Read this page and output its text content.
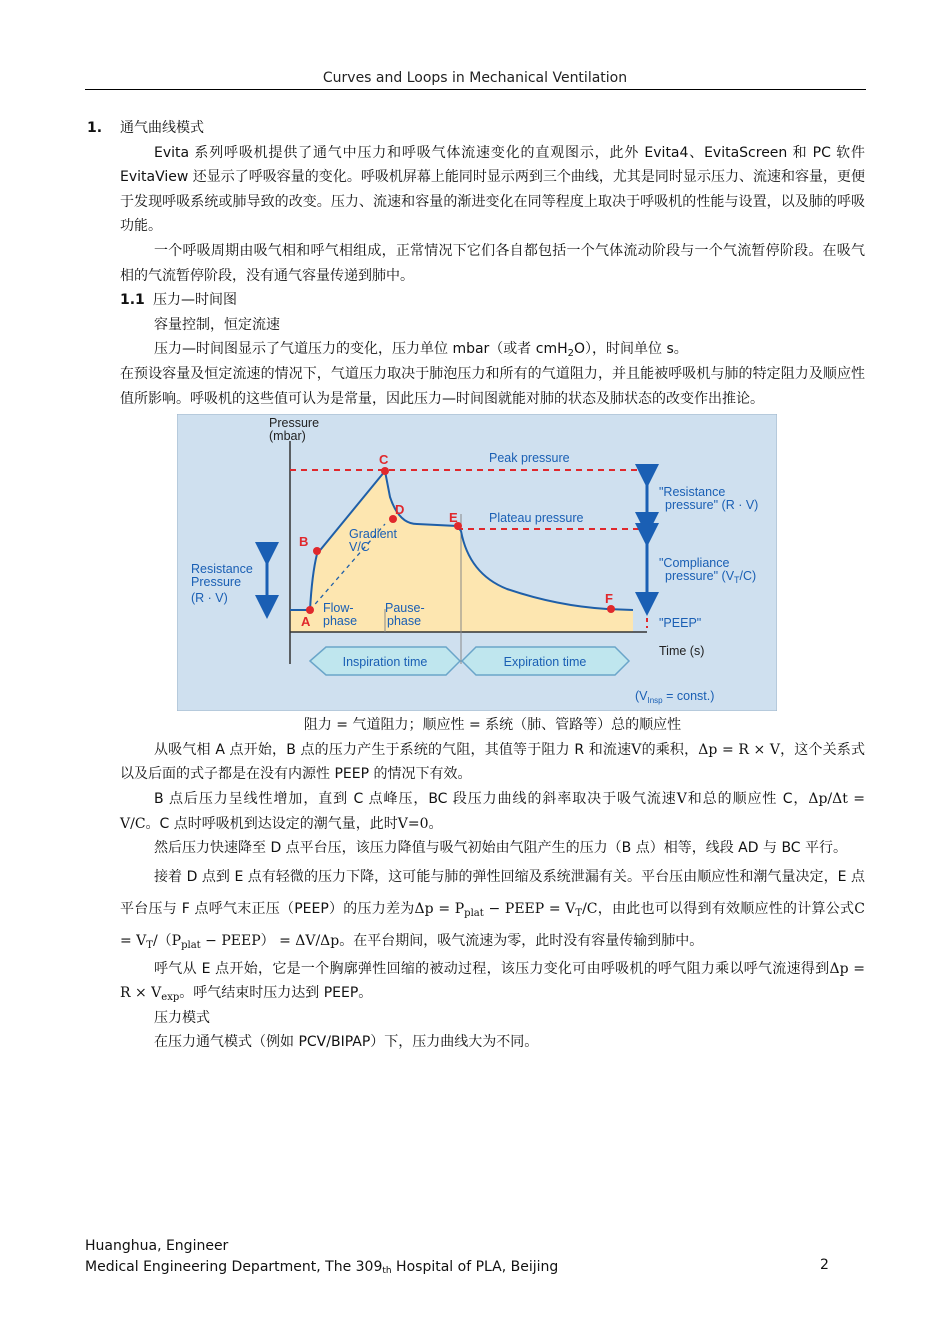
Curves and Loops in Mechanical Ventilation

1. 通气曲线模式

Evita 系列呼吸机提供了通气中压力和呼吸气体流速变化的直观图示，此外 Evita4、EvitaScreen 和 PC 软件 EvitaView 还显示了呼吸容量的变化。呼吸机屏幕上能同时显示两到三个曲线，尤其是同时显示压力、流速和容量，更便于发现呼吸系统或肺导致的改变。压力、流速和容量的渐进变化在同等程度上取决于呼吸机的性能与设置，以及肺的呼吸功能。

一个呼吸周期由吸气相和呼气相组成，正常情况下它们各自都包括一个气体流动阶段与一个气流暂停阶段。在吸气相的气流暂停阶段，没有通气容量传递到肺中。

1.1 压力—时间图

容量控制，恒定流速

压力—时间图显示了气道压力的变化，压力单位 mbar（或者 cmH$_2$O），时间单位 s。

在预设容量及恒定流速的情况下，气道压力取决于肺泡压力和所有的气道阻力，并且能被呼吸机与肺的特定阻力及顺应性值所影响。呼吸机的这些值可认为是常量，因此压力—时间图就能对肺的状态及肺状态的改变作出推论。

A
B
C
D
E
F
Peak pressure
Plateau pressure
Resistance
Pressure
(R · V)
"Resistance
pressure" (R · V)
"Compliance
pressure" $(V_T/C)$
"PEEP"
Gradient
V/C
Flow-
phase
Pause-
phase
($V_{Insp}$ = const.)
Pressure
(mbar)
Time (s)
Inspiration time	Expiration time

阻力 = 气道阻力；顺应性 = 系统（肺、管路等）总的顺应性

从吸气相 A 点开始，B 点的压力产生于系统的气阻，其值等于阻力 R 和流速V的乘积，Δp = R × V，这个关系式以及后面的式子都是在没有内源性 PEEP 的情况下有效。

B 点后压力呈线性增加，直到 C 点峰压，BC 段压力曲线的斜率取决于吸气流速V和总的顺应性 C，Δp/Δt = V/C。C 点时呼吸机到达设定的潮气量，此时V=0。

然后压力快速降至 D 点平台压，该压力降值与吸气初始由气阻产生的压力（B 点）相等，线段 AD 与 BC 平行。

接着 D 点到 E 点有轻微的压力下降，这可能与肺的弹性回缩及系统泄漏有关。平台压由顺应性和潮气量决定，E 点平台压与 F 点呼气末正压（PEEP）的压力差为$\Delta p = P_{plat}$ − PEEP = $V_T/C$，由此也可以得到有效顺应性的计算公式$C = V_T/(P_{plat}$ − PEEP） = ΔV/Δp。在平台期间，吸气流速为零，此时没有容量传输到肺中。

呼气从 E 点开始，它是一个胸廓弹性回缩的被动过程，该压力变化可由呼吸机的呼气阻力乘以呼气流速得到$\Delta p = R \times V_{exp}$。呼气结束时压力达到 PEEP。

压力模式

在压力通气模式（例如 PCV/BIPAP）下，压力曲线大为不同。

Huanghua, Engineer
Medical Engineering Department, The 309th Hospital of PLA, Beijing	2
